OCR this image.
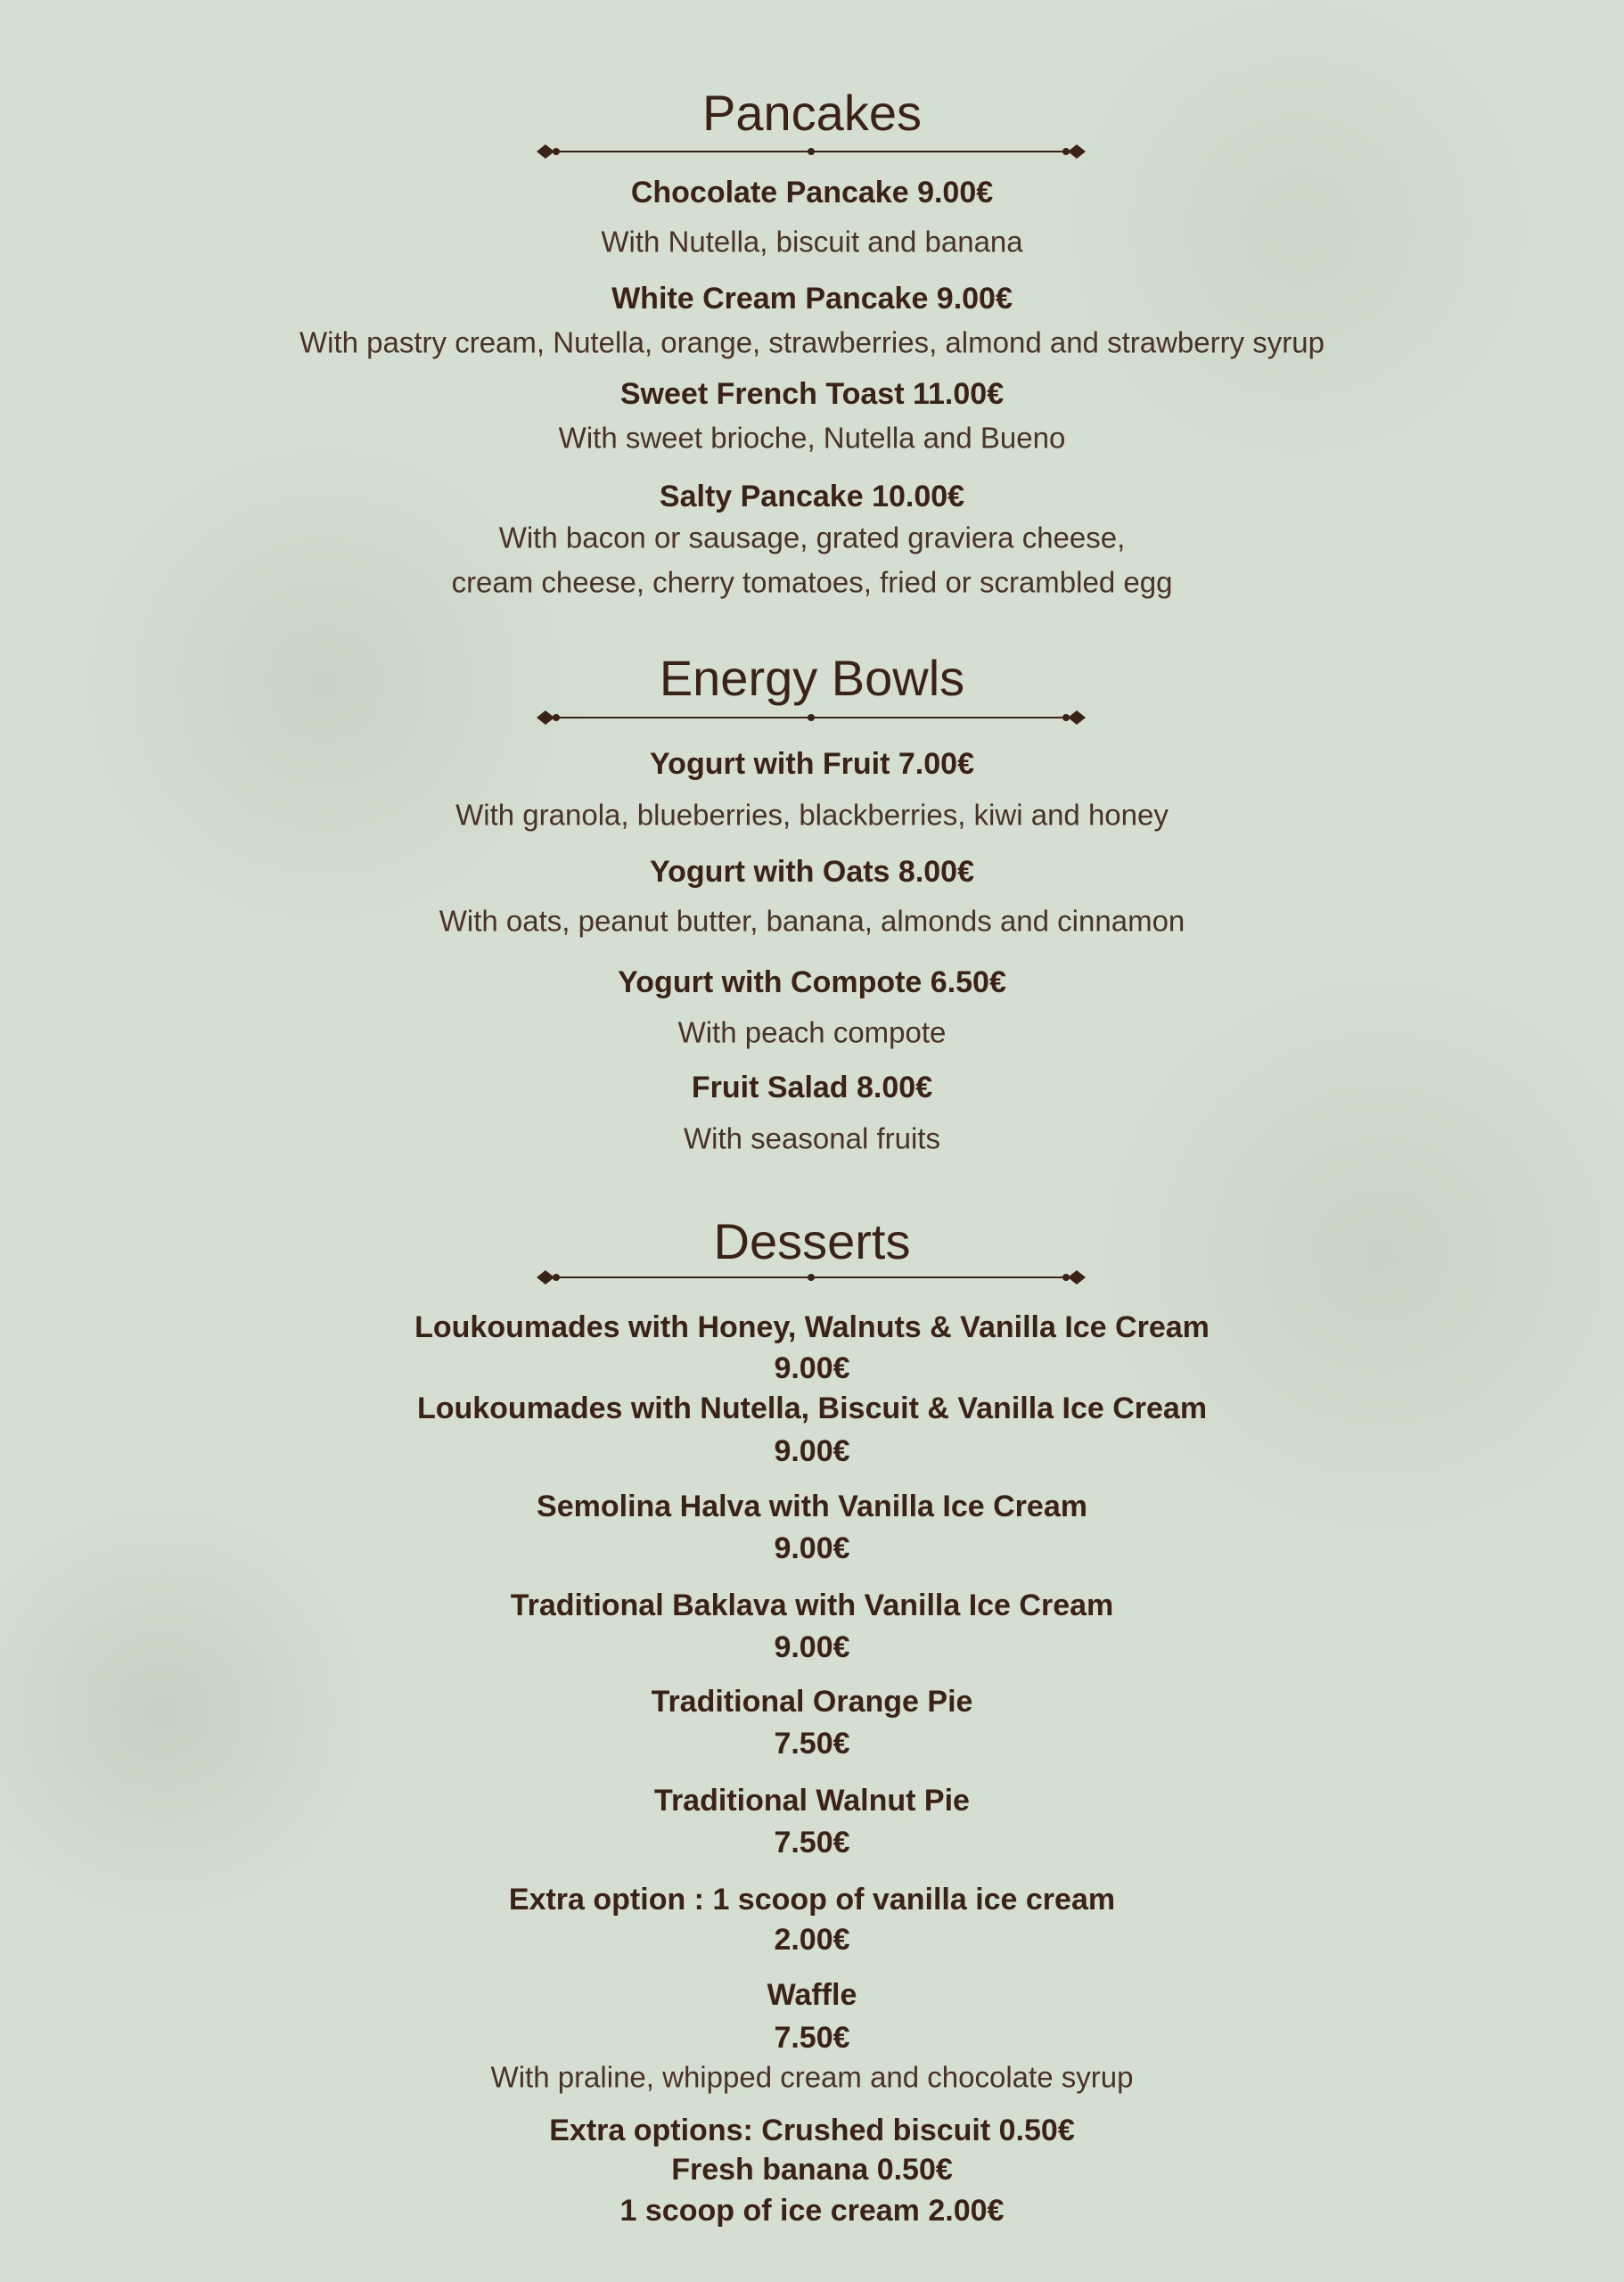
Pancakes
Chocolate Pancake 9.00€
With Nutella, biscuit and banana
White Cream Pancake 9.00€
With pastry cream, Nutella, orange, strawberries, almond and strawberry syrup
Sweet French Toast 11.00€
With sweet brioche, Nutella and Bueno
Salty Pancake 10.00€
With bacon or sausage, grated graviera cheese,
cream cheese, cherry tomatoes, fried or scrambled egg
Energy Bowls
Yogurt with Fruit 7.00€
With granola, blueberries, blackberries, kiwi and honey
Yogurt with Oats 8.00€
With oats, peanut butter, banana, almonds and cinnamon
Yogurt with Compote 6.50€
With peach compote
Fruit Salad 8.00€
With seasonal fruits
Desserts
Loukoumades with Honey, Walnuts & Vanilla Ice Cream
9.00€
Loukoumades with Nutella, Biscuit & Vanilla Ice Cream
9.00€
Semolina Halva with Vanilla Ice Cream
9.00€
Traditional Baklava with Vanilla Ice Cream
9.00€
Traditional Orange Pie
7.50€
Traditional Walnut Pie
7.50€
Extra option : 1 scoop of vanilla ice cream
2.00€
Waffle
7.50€
With praline, whipped cream and chocolate syrup
Extra options: Crushed biscuit 0.50€
Fresh banana 0.50€
1 scoop of ice cream 2.00€
